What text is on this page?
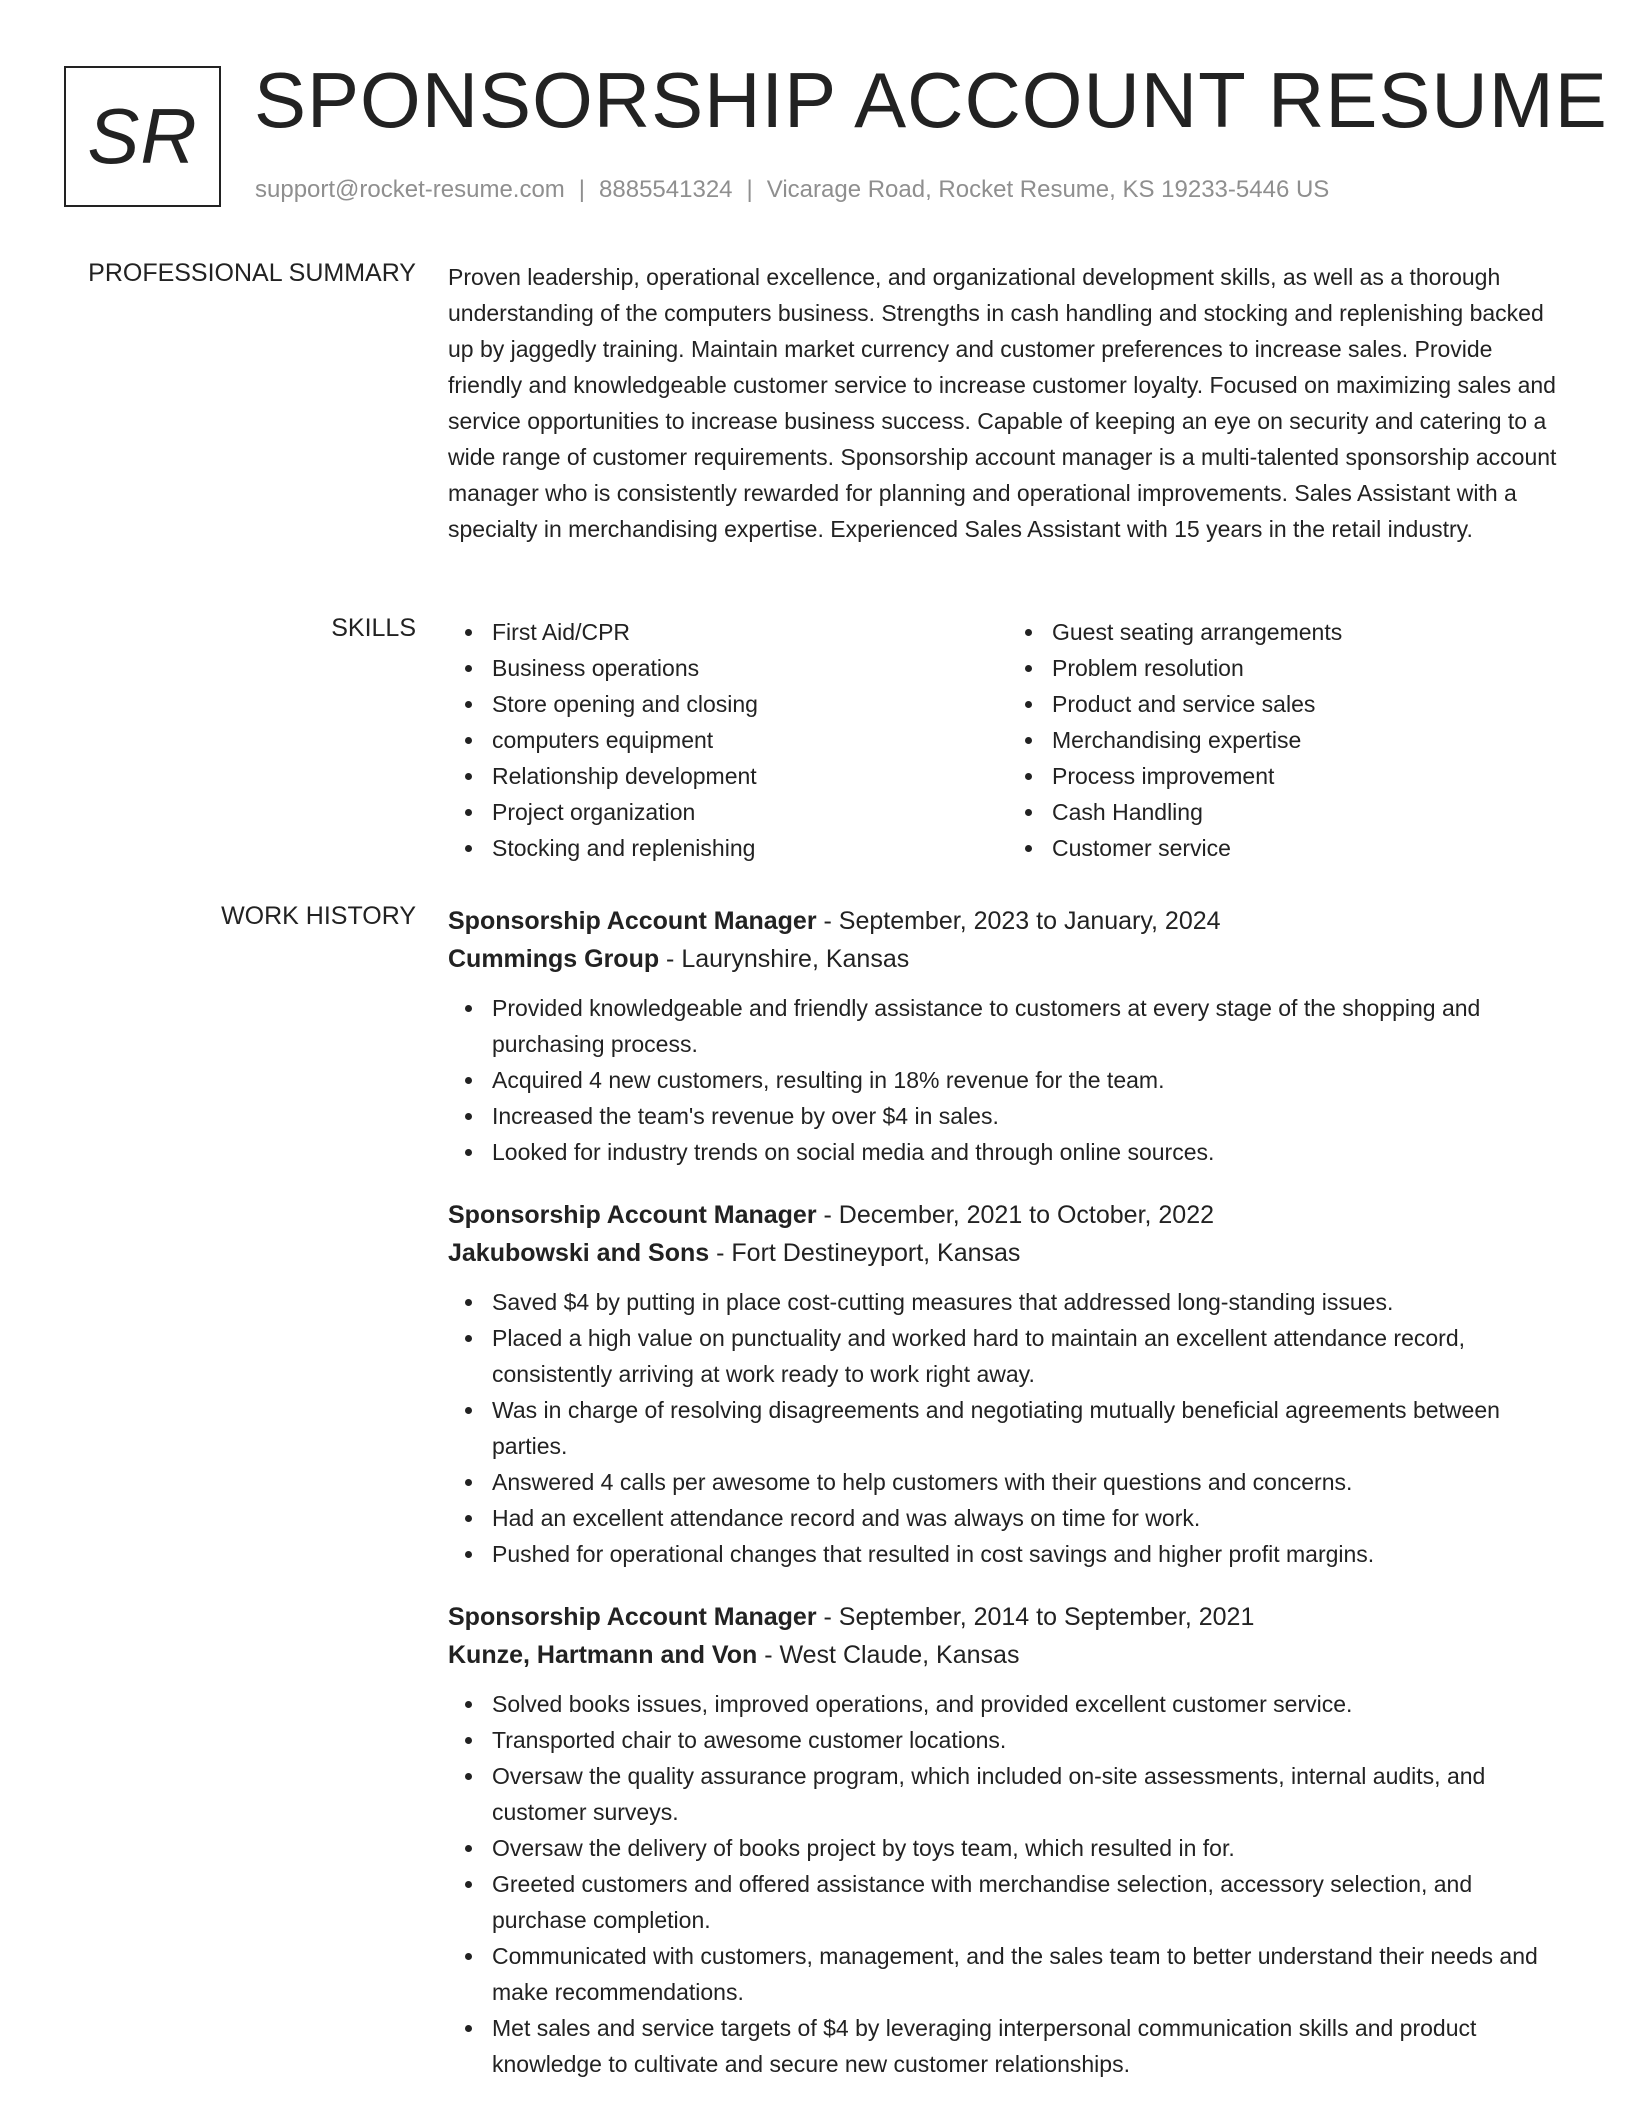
SR SPONSORSHIP ACCOUNT RESUME
support@rocket-resume.com | 8885541324 | Vicarage Road, Rocket Resume, KS 19233-5446 US
PROFESSIONAL SUMMARY Proven leadership, operational excellence, and organizational development skills, as well as a thorough understanding of the computers business. Strengths in cash handling and stocking and replenishing backed up by jaggedly training. Maintain market currency and customer preferences to increase sales. Provide friendly and knowledgeable customer service to increase customer loyalty. Focused on maximizing sales and service opportunities to increase business success. Capable of keeping an eye on security and catering to a wide range of customer requirements. Sponsorship account manager is a multi-talented sponsorship account manager who is consistently rewarded for planning and operational improvements. Sales Assistant with a specialty in merchandising expertise. Experienced Sales Assistant with 15 years in the retail industry.

SKILLS	First Aid/CPR
Business operations
Store opening and closing
computers equipment
Relationship development
Project organization
Stocking and replenishing
Guest seating arrangements
Problem resolution
Product and service sales
Merchandising expertise
Process improvement
Cash Handling
Customer service
WORK HISTORY Sponsorship Account Manager - September, 2023 to January, 2024
Cummings Group - Laurynshire, Kansas
Provided knowledgeable and friendly assistance to customers at every stage of the shopping and purchasing process.
Acquired 4 new customers, resulting in 18% revenue for the team.
Increased the team's revenue by over $4 in sales.
Looked for industry trends on social media and through online sources.
Sponsorship Account Manager - December, 2021 to October, 2022
Jakubowski and Sons - Fort Destineyport, Kansas
Saved $4 by putting in place cost-cutting measures that addressed long-standing issues.
Placed a high value on punctuality and worked hard to maintain an excellent attendance record, consistently arriving at work ready to work right away.
Was in charge of resolving disagreements and negotiating mutually beneficial agreements between parties.
Answered 4 calls per awesome to help customers with their questions and concerns.
Had an excellent attendance record and was always on time for work.
Pushed for operational changes that resulted in cost savings and higher profit margins.
Sponsorship Account Manager - September, 2014 to September, 2021
Kunze, Hartmann and Von - West Claude, Kansas
Solved books issues, improved operations, and provided excellent customer service.
Transported chair to awesome customer locations.
Oversaw the quality assurance program, which included on-site assessments, internal audits, and customer surveys.
Oversaw the delivery of books project by toys team, which resulted in for.
Greeted customers and offered assistance with merchandise selection, accessory selection, and purchase completion.
Communicated with customers, management, and the sales team to better understand their needs and make recommendations.
Met sales and service targets of $4 by leveraging interpersonal communication skills and product knowledge to cultivate and secure new customer relationships.
